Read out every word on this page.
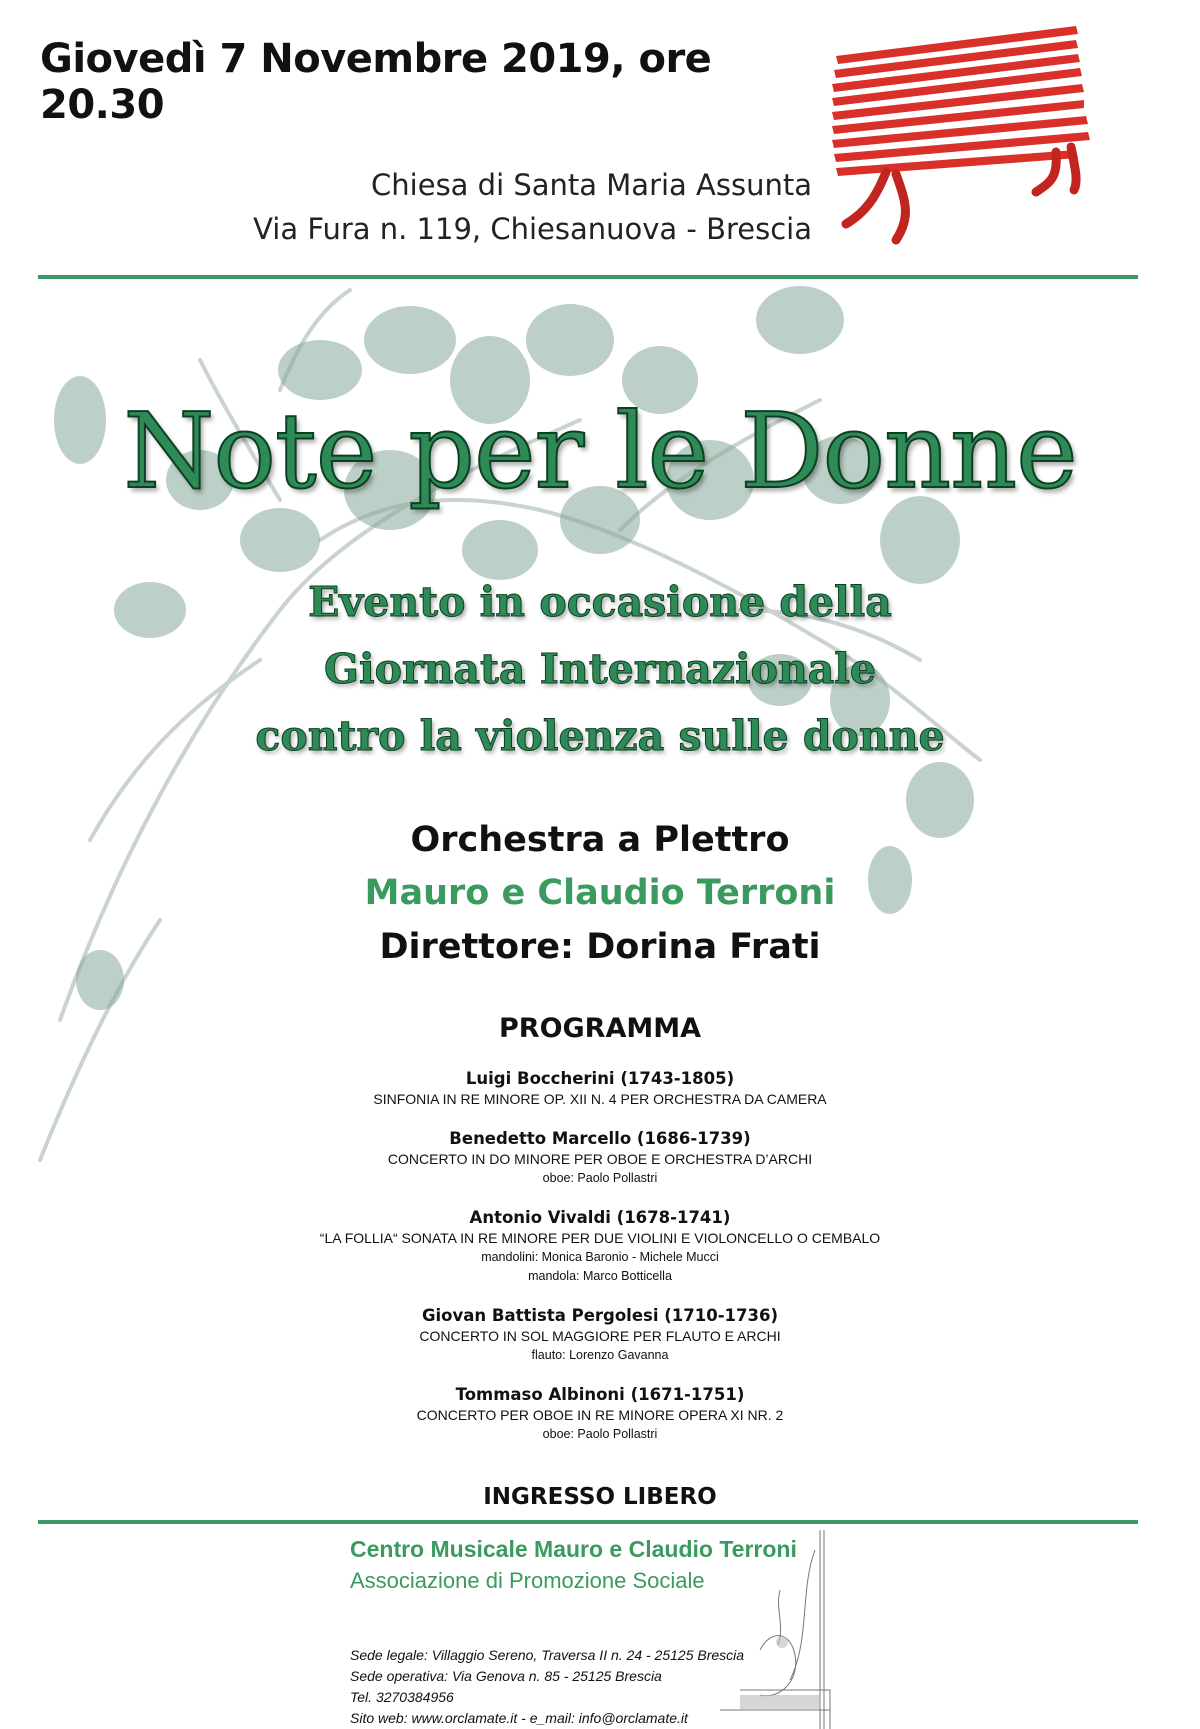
Giovedì 7 Novembre 2019, ore 20.30
Chiesa di Santa Maria Assunta
Via Fura n. 119, Chiesanuova - Brescia
Note per le Donne
Evento in occasione della
Giornata Internazionale
contro la violenza sulle donne
Orchestra a Plettro
Mauro e Claudio Terroni
Direttore: Dorina Frati
PROGRAMMA
Luigi Boccherini (1743-1805)
SINFONIA IN RE MINORE OP. XII N. 4 PER ORCHESTRA DA CAMERA
Benedetto Marcello (1686-1739)
CONCERTO IN DO MINORE PER OBOE E ORCHESTRA D’ARCHI
oboe: Paolo Pollastri
Antonio Vivaldi (1678-1741)
“LA FOLLIA“ SONATA IN RE MINORE PER DUE VIOLINI E VIOLONCELLO O CEMBALO
mandolini: Monica Baronio - Michele Mucci
mandola: Marco Botticella
Giovan Battista Pergolesi (1710-1736)
CONCERTO IN SOL MAGGIORE PER FLAUTO E ARCHI
flauto: Lorenzo Gavanna
Tommaso Albinoni (1671-1751)
CONCERTO PER OBOE IN RE MINORE OPERA XI NR. 2
oboe: Paolo Pollastri
INGRESSO LIBERO
Centro Musicale Mauro e Claudio Terroni
Associazione di Promozione Sociale
Sede legale: Villaggio Sereno, Traversa II n. 24 - 25125 Brescia
Sede operativa: Via Genova n. 85 - 25125 Brescia
Tel. 3270384956
Sito web: www.orclamate.it - e_mail: info@orclamate.it
